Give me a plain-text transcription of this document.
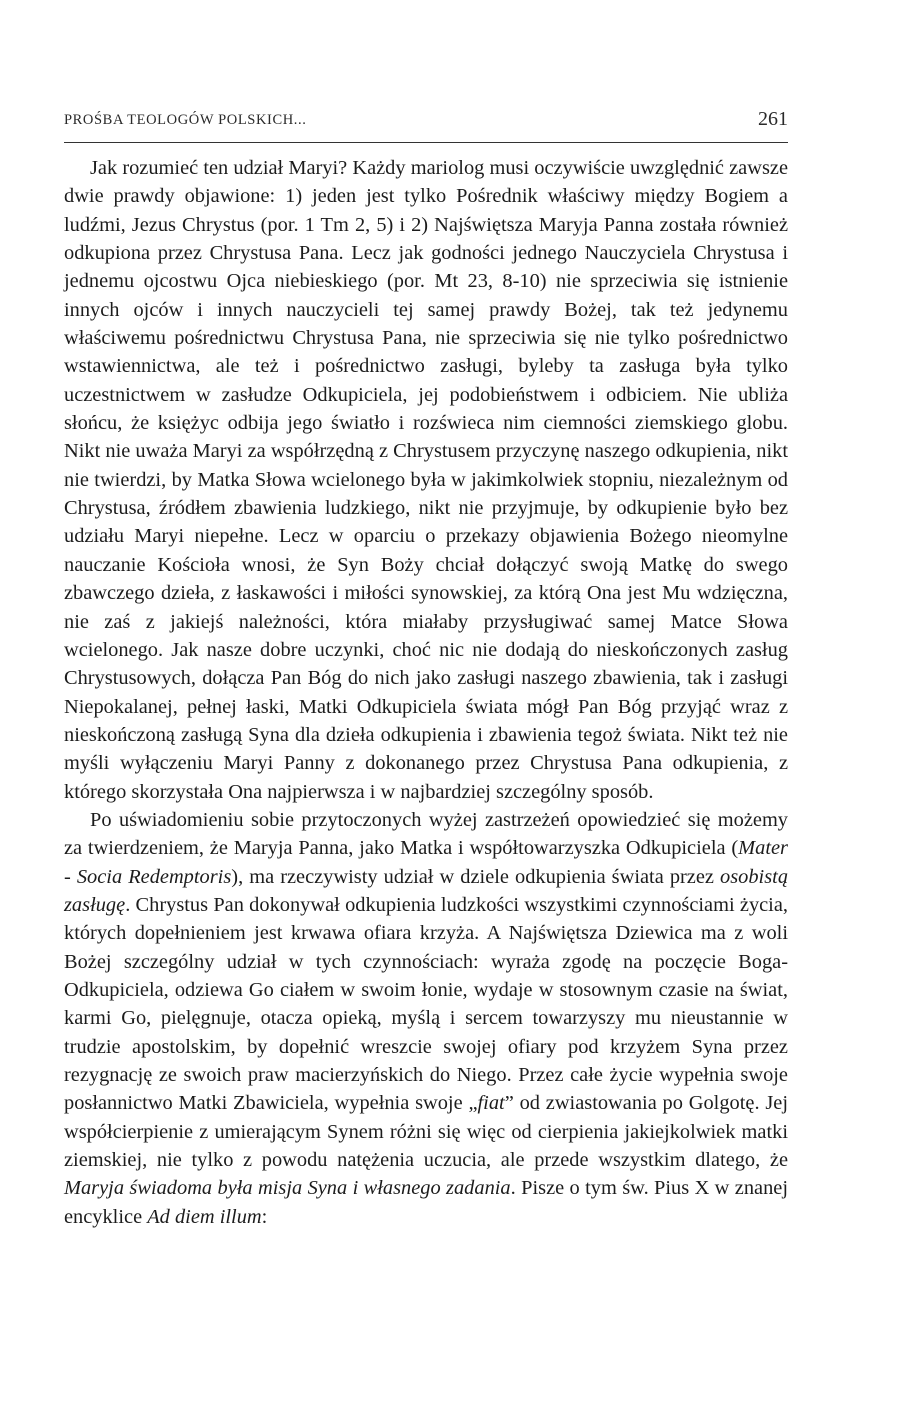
PROŚBA TEOLOGÓW POLSKICH...	261

Jak rozumieć ten udział Maryi? Każdy mariolog musi oczywiście uwzględnić zawsze dwie prawdy objawione: 1) jeden jest tylko Pośrednik właściwy między Bogiem a ludźmi, Jezus Chrystus (por. 1 Tm 2, 5) i 2) Najświętsza Maryja Panna została również odkupiona przez Chrystusa Pana. Lecz jak godności jednego Nauczyciela Chrystusa i jednemu ojcostwu Ojca niebieskiego (por. Mt 23, 8-10) nie sprzeciwia się istnienie innych ojców i innych nauczycieli tej samej prawdy Bożej, tak też jedynemu właściwemu pośrednictwu Chrystusa Pana, nie sprzeciwia się nie tylko pośrednictwo wstawiennictwa, ale też i pośrednictwo zasługi, byleby ta zasługa była tylko uczestnictwem w zasłudze Odkupiciela, jej podobieństwem i odbiciem. Nie ubliża słońcu, że księżyc odbija jego światło i rozświeca nim ciemności ziemskiego globu. Nikt nie uważa Maryi za współrzędną z Chrystusem przyczynę naszego odkupienia, nikt nie twierdzi, by Matka Słowa wcielonego była w jakimkolwiek stopniu, niezależnym od Chrystusa, źródłem zbawienia ludzkiego, nikt nie przyjmuje, by odkupienie było bez udziału Maryi niepełne. Lecz w oparciu o przekazy objawienia Bożego nieomylne nauczanie Kościoła wnosi, że Syn Boży chciał dołączyć swoją Matkę do swego zbawczego dzieła, z łaskawości i miłości synowskiej, za którą Ona jest Mu wdzięczna, nie zaś z jakiejś należności, która miałaby przysługiwać samej Matce Słowa wcielonego. Jak nasze dobre uczynki, choć nic nie dodają do nieskończonych zasług Chrystusowych, dołącza Pan Bóg do nich jako zasługi naszego zbawienia, tak i zasługi Niepokalanej, pełnej łaski, Matki Odkupiciela świata mógł Pan Bóg przyjąć wraz z nieskończoną zasługą Syna dla dzieła odkupienia i zbawienia tegoż świata. Nikt też nie myśli wyłączeniu Maryi Panny z dokonanego przez Chrystusa Pana odkupienia, z którego skorzystała Ona najpierwsza i w najbardziej szczególny sposób.

Po uświadomieniu sobie przytoczonych wyżej zastrzeżeń opowiedzieć się możemy za twierdzeniem, że Maryja Panna, jako Matka i współtowarzyszka Odkupiciela (Mater - Socia Redemptoris), ma rzeczywisty udział w dziele odkupienia świata przez osobistą zasługę. Chrystus Pan dokonywał odkupienia ludzkości wszystkimi czynnościami życia, których dopełnieniem jest krwawa ofiara krzyża. A Najświętsza Dziewica ma z woli Bożej szczególny udział w tych czynnościach: wyraża zgodę na poczęcie Boga-Odkupiciela, odziewa Go ciałem w swoim łonie, wydaje w stosownym czasie na świat, karmi Go, pielęgnuje, otacza opieką, myślą i sercem towarzyszy mu nieustannie w trudzie apostolskim, by dopełnić wreszcie swojej ofiary pod krzyżem Syna przez rezygnację ze swoich praw macierzyńskich do Niego. Przez całe życie wypełnia swoje posłannictwo Matki Zbawiciela, wypełnia swoje „fiat” od zwiastowania po Golgotę. Jej współcierpienie z umierającym Synem różni się więc od cierpienia jakiejkolwiek matki ziemskiej, nie tylko z powodu natężenia uczucia, ale przede wszystkim dlatego, że Maryja świadoma była misja Syna i własnego zadania. Pisze o tym św. Pius X w znanej encyklice Ad diem illum:
